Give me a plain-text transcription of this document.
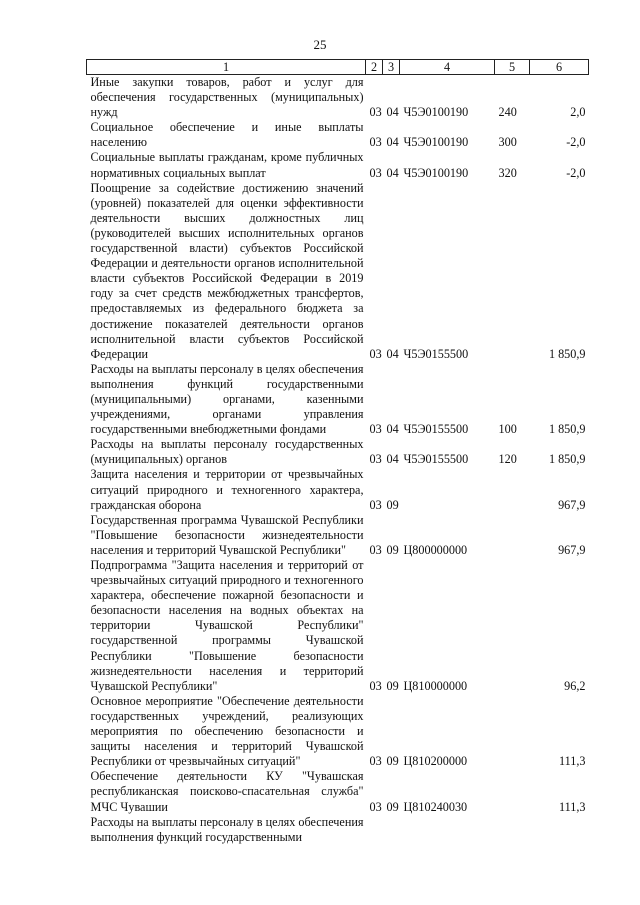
25
1	2	3	4	5	6
Иные закупки товаров, работ и услуг для обеспечения государственных (муниципальных) нужд	03	04	Ч5Э0100190	240	2,0
Социальное обеспечение и иные выплаты населению	03	04	Ч5Э0100190	300	-2,0
Социальные выплаты гражданам, кроме публичных нормативных социальных выплат	03	04	Ч5Э0100190	320	-2,0
Поощрение за содействие достижению значений (уровней) показателей для оценки эффективности деятельности высших должностных лиц (руководителей высших исполнительных органов государственной власти) субъектов Российской Федерации и деятельности органов исполнительной власти субъектов Российской Федерации в 2019 году за счет средств межбюджетных трансфертов, предоставляемых из федерального бюджета за достижение показателей деятельности органов исполнительной власти субъектов Российской Федерации	03	04	Ч5Э0155500		1 850,9
Расходы на выплаты персоналу в целях обеспечения выполнения функций государственными (муниципальными) органами, казенными учреждениями, органами управления государственными внебюджетными фондами	03	04	Ч5Э0155500	100	1 850,9
Расходы на выплаты персоналу государственных (муниципальных) органов	03	04	Ч5Э0155500	120	1 850,9
Защита населения и территории от чрезвычайных ситуаций природного и техногенного характера, гражданская оборона	03	09			967,9
Государственная программа Чувашской Республики "Повышение безопасности жизнедеятельности населения и территорий Чувашской Республики"	03	09	Ц800000000		967,9
Подпрограмма "Защита населения и территорий от чрезвычайных ситуаций природного и техногенного характера, обеспечение пожарной безопасности и безопасности населения на водных объектах на территории Чувашской Республики" государственной программы Чувашской Республики "Повышение безопасности жизнедеятельности населения и территорий Чувашской Республики"	03	09	Ц810000000		96,2
Основное мероприятие "Обеспечение деятельности государственных учреждений, реализующих мероприятия по обеспечению безопасности и защиты населения и территорий Чувашской Республики от чрезвычайных ситуаций"	03	09	Ц810200000		111,3
Обеспечение деятельности КУ "Чувашская республиканская поисково-спасательная служба" МЧС Чувашии	03	09	Ц810240030		111,3
Расходы на выплаты персоналу в целях обеспечения выполнения функций государственными					
